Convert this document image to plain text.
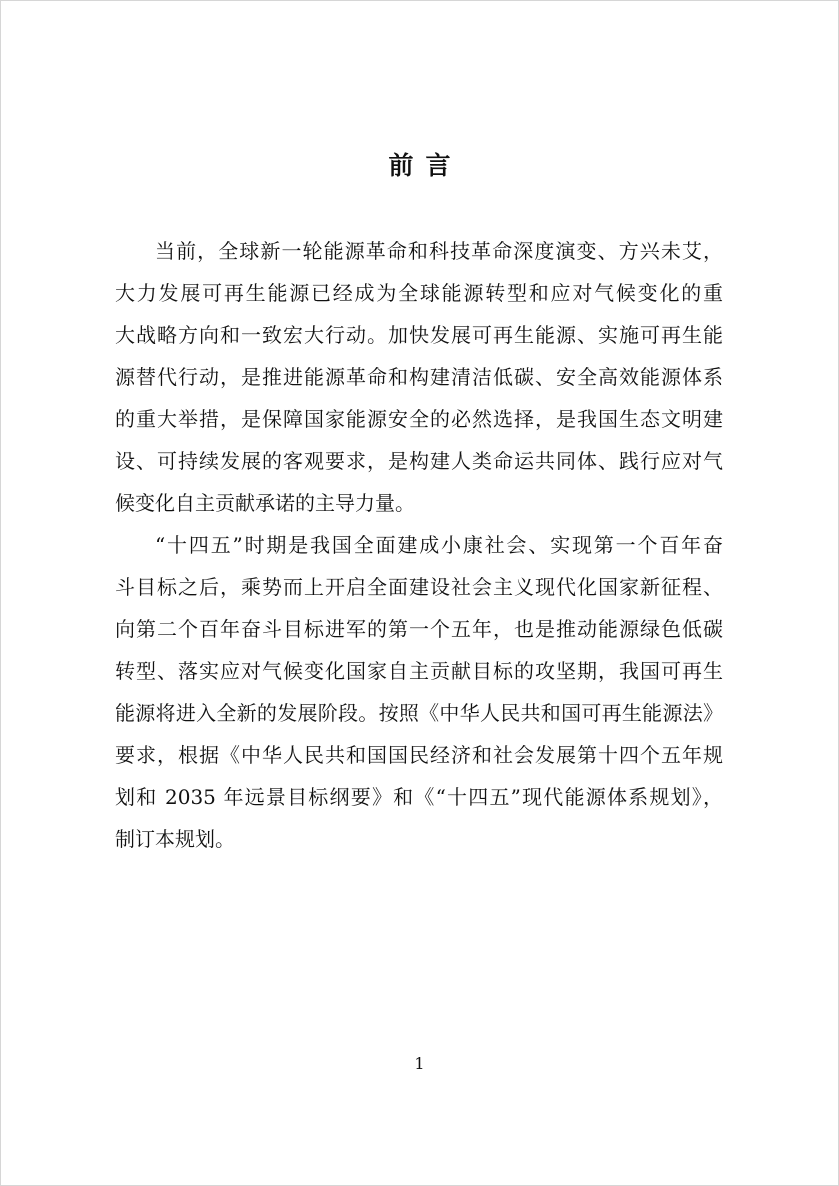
前言
当前，全球新一轮能源革命和科技革命深度演变、方兴未艾，
大力发展可再生能源已经成为全球能源转型和应对气候变化的重
大战略方向和一致宏大行动。加快发展可再生能源、实施可再生能
源替代行动，是推进能源革命和构建清洁低碳、安全高效能源体系
的重大举措，是保障国家能源安全的必然选择，是我国生态文明建
设、可持续发展的客观要求，是构建人类命运共同体、践行应对气
候变化自主贡献承诺的主导力量。
“十四五”时期是我国全面建成小康社会、实现第一个百年奋
斗目标之后，乘势而上开启全面建设社会主义现代化国家新征程、
向第二个百年奋斗目标进军的第一个五年，也是推动能源绿色低碳
转型、落实应对气候变化国家自主贡献目标的攻坚期，我国可再生
能源将进入全新的发展阶段。按照《中华人民共和国可再生能源法》
要求，根据《中华人民共和国国民经济和社会发展第十四个五年规
划和 2035 年远景目标纲要》和《“十四五”现代能源体系规划》，
制订本规划。
1
